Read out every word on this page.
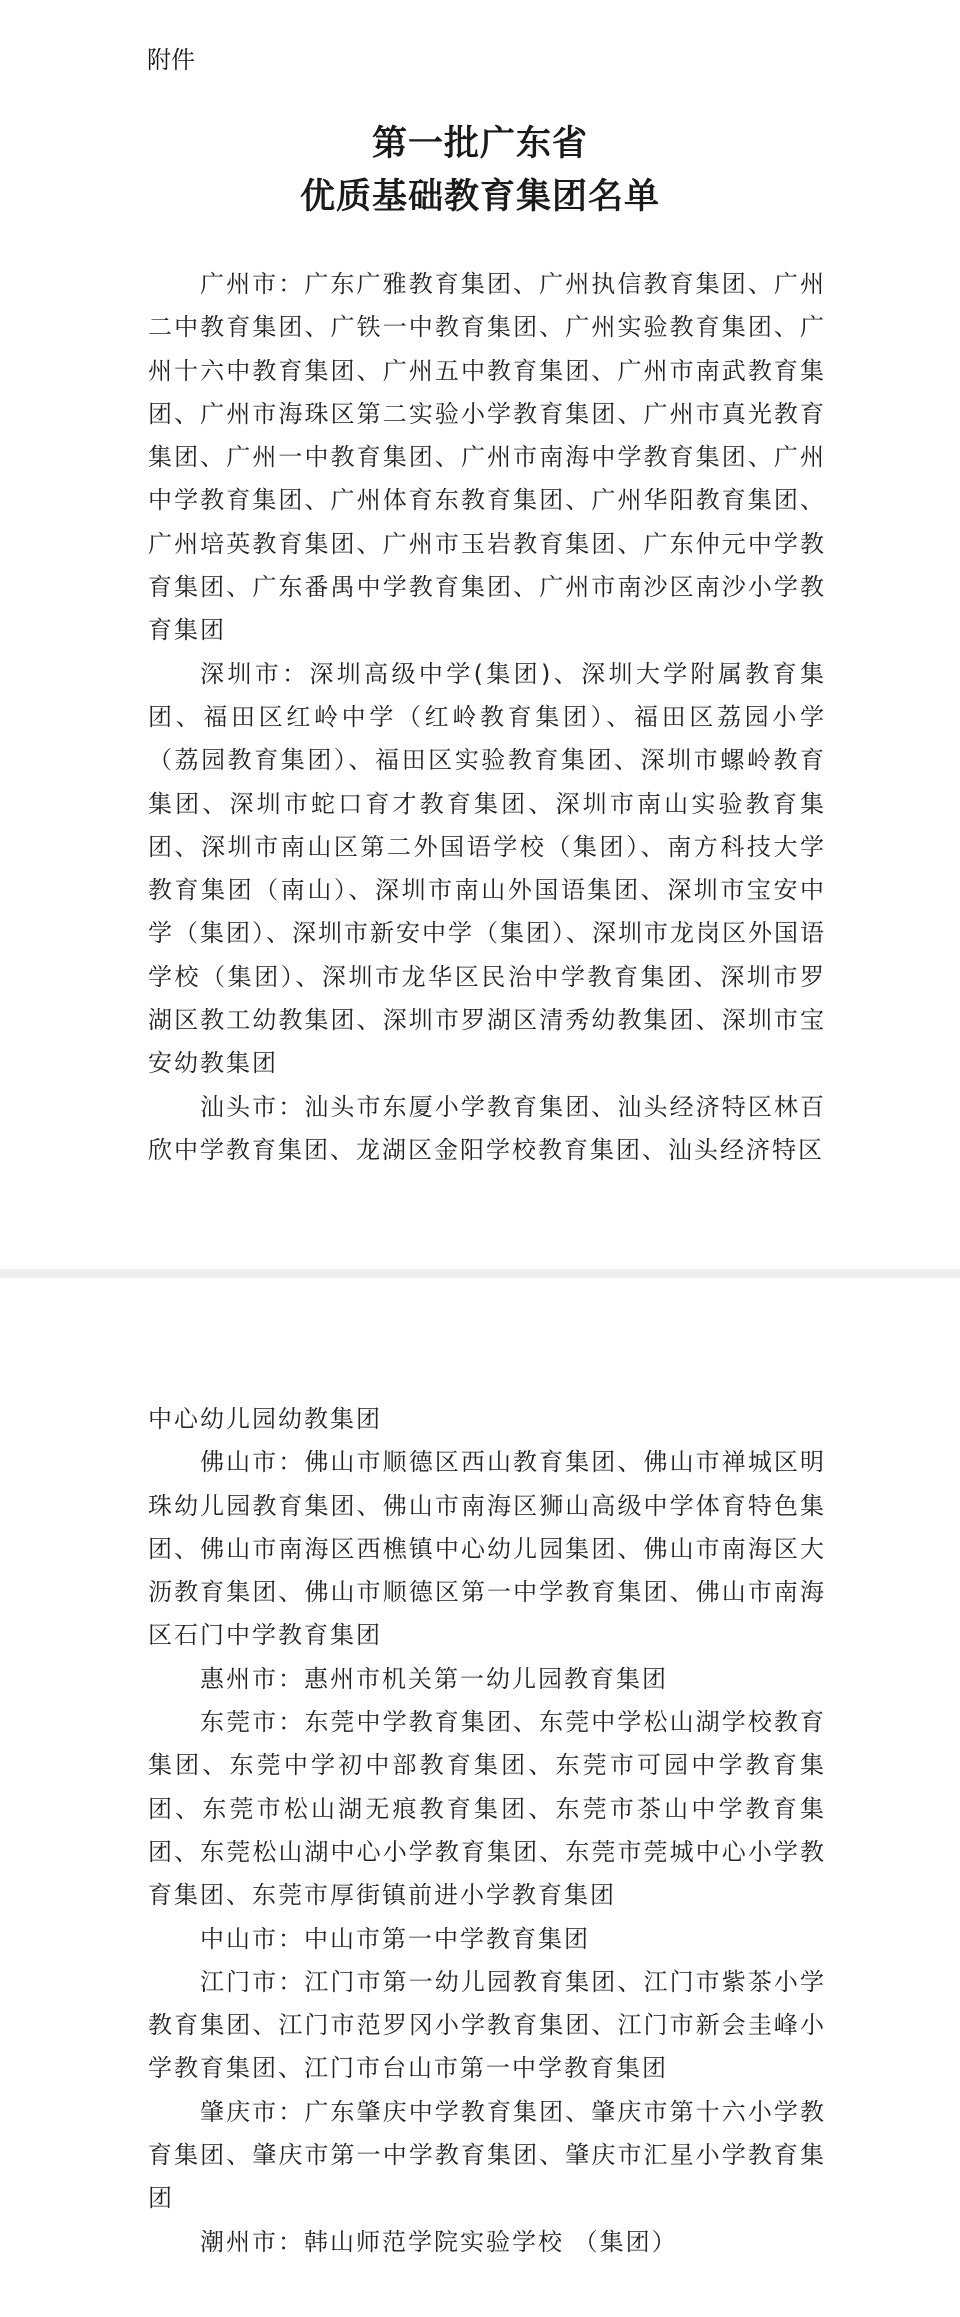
附件
第一批广东省
优质基础教育集团名单

广州市：广东广雅教育集团、广州执信教育集团、广州二中教育集团、广铁一中教育集团、广州实验教育集团、广州十六中教育集团、广州五中教育集团、广州市南武教育集团、广州市海珠区第二实验小学教育集团、广州市真光教育集团、广州一中教育集团、广州市南海中学教育集团、广州中学教育集团、广州体育东教育集团、广州华阳教育集团、广州培英教育集团、广州市玉岩教育集团、广东仲元中学教育集团、广东番禺中学教育集团、广州市南沙区南沙小学教育集团

深圳市：深圳高级中学(集团)、深圳大学附属教育集团、福田区红岭中学（红岭教育集团）、福田区荔园小学（荔园教育集团）、福田区实验教育集团、深圳市螺岭教育集团、深圳市蛇口育才教育集团、深圳市南山实验教育集团、深圳市南山区第二外国语学校（集团）、南方科技大学教育集团（南山）、深圳市南山外国语集团、深圳市宝安中学（集团）、深圳市新安中学（集团）、深圳市龙岗区外国语学校（集团）、深圳市龙华区民治中学教育集团、深圳市罗湖区教工幼教集团、深圳市罗湖区清秀幼教集团、深圳市宝安幼教集团

汕头市：汕头市东厦小学教育集团、汕头经济特区林百欣中学教育集团、龙湖区金阳学校教育集团、汕头经济特区

中心幼儿园幼教集团

佛山市：佛山市顺德区西山教育集团、佛山市禅城区明珠幼儿园教育集团、佛山市南海区狮山高级中学体育特色集团、佛山市南海区西樵镇中心幼儿园集团、佛山市南海区大沥教育集团、佛山市顺德区第一中学教育集团、佛山市南海区石门中学教育集团

惠州市：惠州市机关第一幼儿园教育集团

东莞市：东莞中学教育集团、东莞中学松山湖学校教育集团、东莞中学初中部教育集团、东莞市可园中学教育集团、东莞市松山湖无痕教育集团、东莞市茶山中学教育集团、东莞松山湖中心小学教育集团、东莞市莞城中心小学教育集团、东莞市厚街镇前进小学教育集团

中山市：中山市第一中学教育集团

江门市：江门市第一幼儿园教育集团、江门市紫茶小学教育集团、江门市范罗冈小学教育集团、江门市新会圭峰小学教育集团、江门市台山市第一中学教育集团

肇庆市：广东肇庆中学教育集团、肇庆市第十六小学教育集团、肇庆市第一中学教育集团、肇庆市汇星小学教育集团

潮州市：韩山师范学院实验学校 （集团）
